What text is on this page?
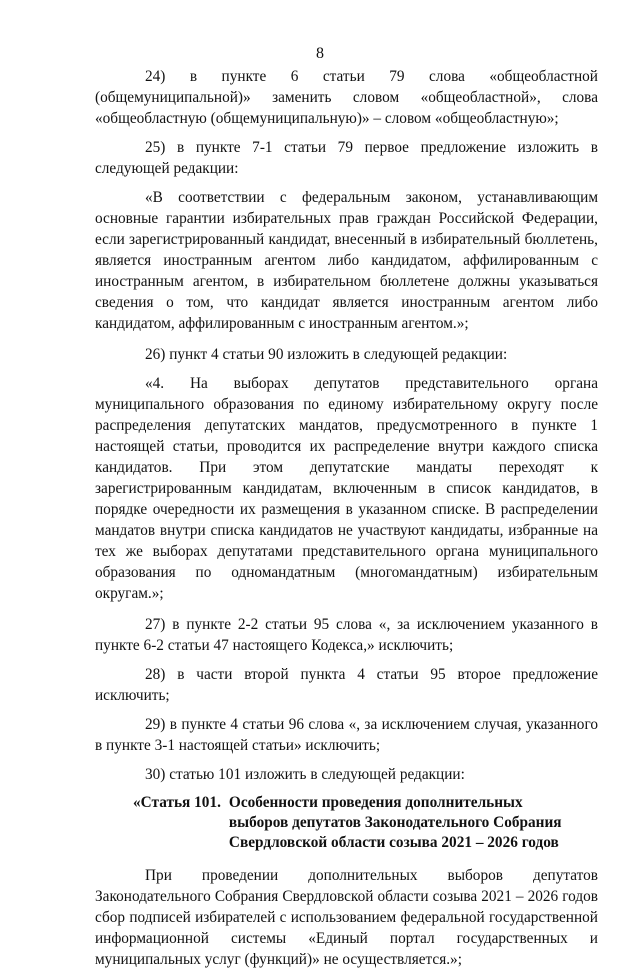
8

24) в пункте 6 статьи 79 слова «общеобластной (общемуниципальной)» заменить словом «общеобластной», слова «общеобластную (общемуниципальную)» – словом «общеобластную»;

25) в пункте 7-1 статьи 79 первое предложение изложить в следующей редакции:

«В соответствии с федеральным законом, устанавливающим основные гарантии избирательных прав граждан Российской Федерации, если зарегистрированный кандидат, внесенный в избирательный бюллетень, является иностранным агентом либо кандидатом, аффилированным с иностранным агентом, в избирательном бюллетене должны указываться сведения о том, что кандидат является иностранным агентом либо кандидатом, аффилированным с иностранным агентом.»;

26) пункт 4 статьи 90 изложить в следующей редакции:

«4. На выборах депутатов представительного органа муниципального образования по единому избирательному округу после распределения депутатских мандатов, предусмотренного в пункте 1 настоящей статьи, проводится их распределение внутри каждого списка кандидатов. При этом депутатские мандаты переходят к зарегистрированным кандидатам, включенным в список кандидатов, в порядке очередности их размещения в указанном списке. В распределении мандатов внутри списка кандидатов не участвуют кандидаты, избранные на тех же выборах депутатами представительного органа муниципального образования по одномандатным (многомандатным) избирательным округам.»;

27) в пункте 2-2 статьи 95 слова «, за исключением указанного в пункте 6-2 статьи 47 настоящего Кодекса,» исключить;

28) в части второй пункта 4 статьи 95 второе предложение исключить;

29) в пункте 4 статьи 96 слова «, за исключением случая, указанного в пункте 3-1 настоящей статьи» исключить;

30) статью 101 изложить в следующей редакции:

«Статья 101. Особенности проведения дополнительных
выборов депутатов Законодательного Собрания
Свердловской области созыва 2021 – 2026 годов

При проведении дополнительных выборов депутатов Законодательного Собрания Свердловской области созыва 2021 – 2026 годов сбор подписей избирателей с использованием федеральной государственной информационной системы «Единый портал государственных и муниципальных услуг (функций)» не осуществляется.»;
